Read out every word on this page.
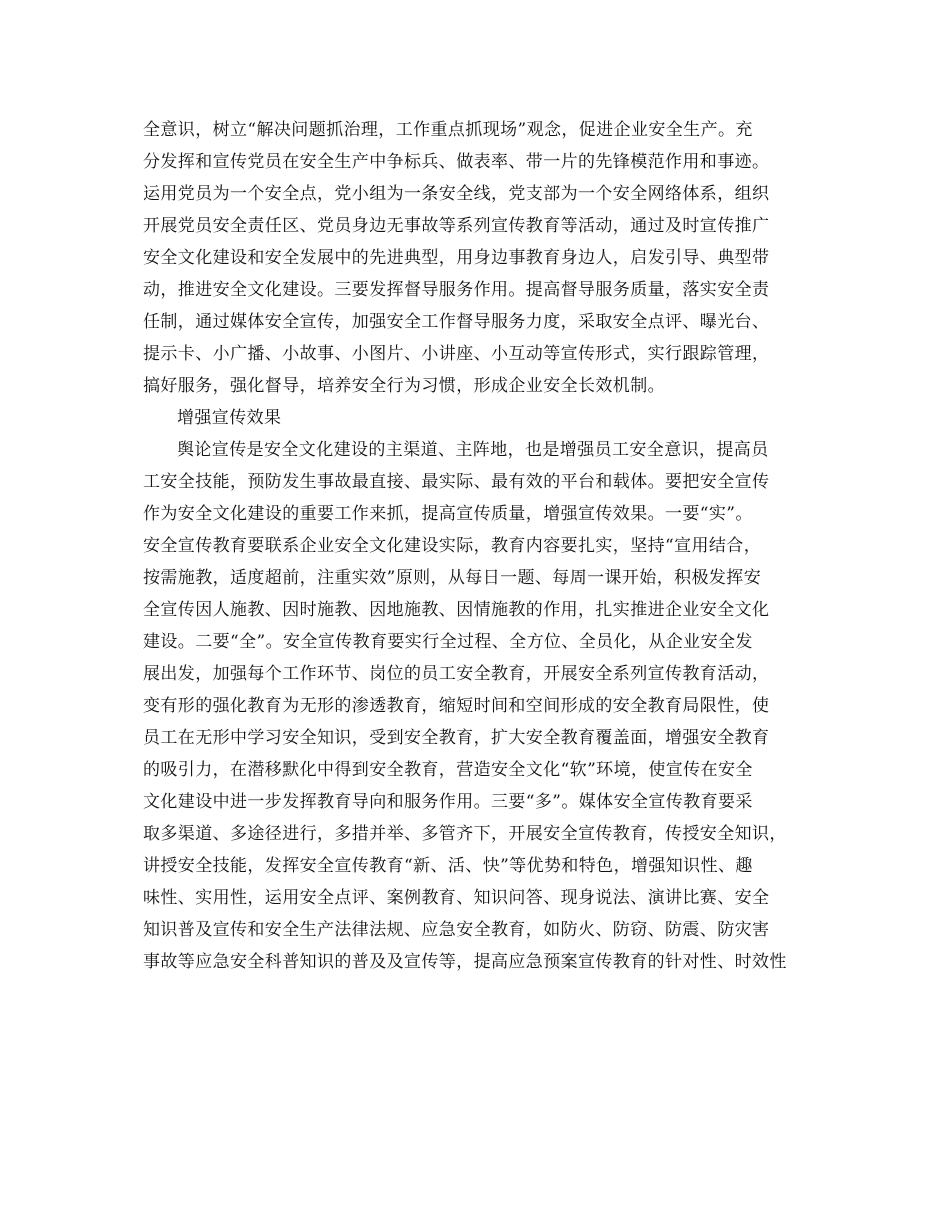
全意识，树立“解决问题抓治理，工作重点抓现场”观念，促进企业安全生产。充
分发挥和宣传党员在安全生产中争标兵、做表率、带一片的先锋模范作用和事迹。
运用党员为一个安全点，党小组为一条安全线，党支部为一个安全网络体系，组织
开展党员安全责任区、党员身边无事故等系列宣传教育等活动，通过及时宣传推广
安全文化建设和安全发展中的先进典型，用身边事教育身边人，启发引导、典型带
动，推进安全文化建设。三要发挥督导服务作用。提高督导服务质量，落实安全责
任制，通过媒体安全宣传，加强安全工作督导服务力度，采取安全点评、曝光台、
提示卡、小广播、小故事、小图片、小讲座、小互动等宣传形式，实行跟踪管理，
搞好服务，强化督导，培养安全行为习惯，形成企业安全长效机制。
增强宣传效果
舆论宣传是安全文化建设的主渠道、主阵地，也是增强员工安全意识，提高员
工安全技能，预防发生事故最直接、最实际、最有效的平台和载体。要把安全宣传
作为安全文化建设的重要工作来抓，提高宣传质量，增强宣传效果。一要“实”。
安全宣传教育要联系企业安全文化建设实际，教育内容要扎实，坚持“宣用结合，
按需施教，适度超前，注重实效”原则，从每日一题、每周一课开始，积极发挥安
全宣传因人施教、因时施教、因地施教、因情施教的作用，扎实推进企业安全文化
建设。二要“全”。安全宣传教育要实行全过程、全方位、全员化，从企业安全发
展出发，加强每个工作环节、岗位的员工安全教育，开展安全系列宣传教育活动，
变有形的强化教育为无形的渗透教育，缩短时间和空间形成的安全教育局限性，使
员工在无形中学习安全知识，受到安全教育，扩大安全教育覆盖面，增强安全教育
的吸引力，在潜移默化中得到安全教育，营造安全文化“软”环境，使宣传在安全
文化建设中进一步发挥教育导向和服务作用。三要“多”。媒体安全宣传教育要采
取多渠道、多途径进行，多措并举、多管齐下，开展安全宣传教育，传授安全知识，
讲授安全技能，发挥安全宣传教育“新、活、快”等优势和特色，增强知识性、趣
味性、实用性，运用安全点评、案例教育、知识问答、现身说法、演讲比赛、安全
知识普及宣传和安全生产法律法规、应急安全教育，如防火、防窃、防震、防灾害
事故等应急安全科普知识的普及及宣传等，提高应急预案宣传教育的针对性、时效性
